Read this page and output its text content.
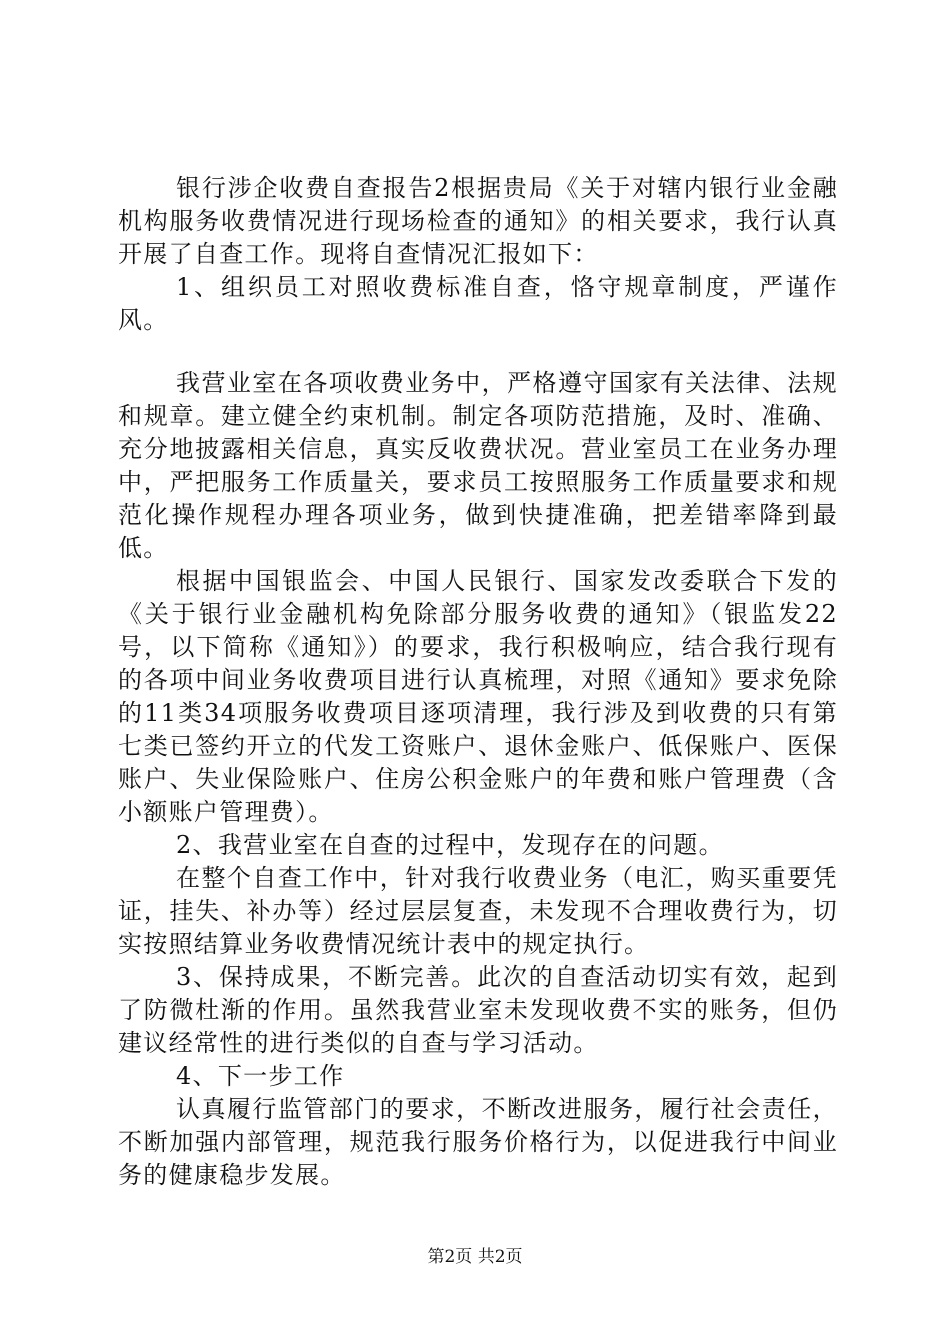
银行涉企收费自查报告2根据贵局《关于对辖内银行业金融机构服务收费情况进行现场检查的通知》的相关要求，我行认真开展了自查工作。现将自查情况汇报如下：

1、组织员工对照收费标准自查，恪守规章制度，严谨作风。

我营业室在各项收费业务中，严格遵守国家有关法律、法规和规章。建立健全约束机制。制定各项防范措施，及时、准确、充分地披露相关信息，真实反收费状况。营业室员工在业务办理中，严把服务工作质量关，要求员工按照服务工作质量要求和规范化操作规程办理各项业务，做到快捷准确，把差错率降到最低。

根据中国银监会、中国人民银行、国家发改委联合下发的《关于银行业金融机构免除部分服务收费的通知》（银监发22号，以下简称《通知》）的要求，我行积极响应，结合我行现有的各项中间业务收费项目进行认真梳理，对照《通知》要求免除的11类34项服务收费项目逐项清理，我行涉及到收费的只有第七类已签约开立的代发工资账户、退休金账户、低保账户、医保账户、失业保险账户、住房公积金账户的年费和账户管理费（含小额账户管理费）。

2、我营业室在自查的过程中，发现存在的问题。

在整个自查工作中，针对我行收费业务（电汇，购买重要凭证，挂失、补办等）经过层层复查，未发现不合理收费行为，切实按照结算业务收费情况统计表中的规定执行。

3、保持成果，不断完善。此次的自查活动切实有效，起到了防微杜渐的作用。虽然我营业室未发现收费不实的账务，但仍建议经常性的进行类似的自查与学习活动。

4、下一步工作

认真履行监管部门的要求，不断改进服务，履行社会责任，不断加强内部管理，规范我行服务价格行为，以促进我行中间业务的健康稳步发展。

第2页 共2页
